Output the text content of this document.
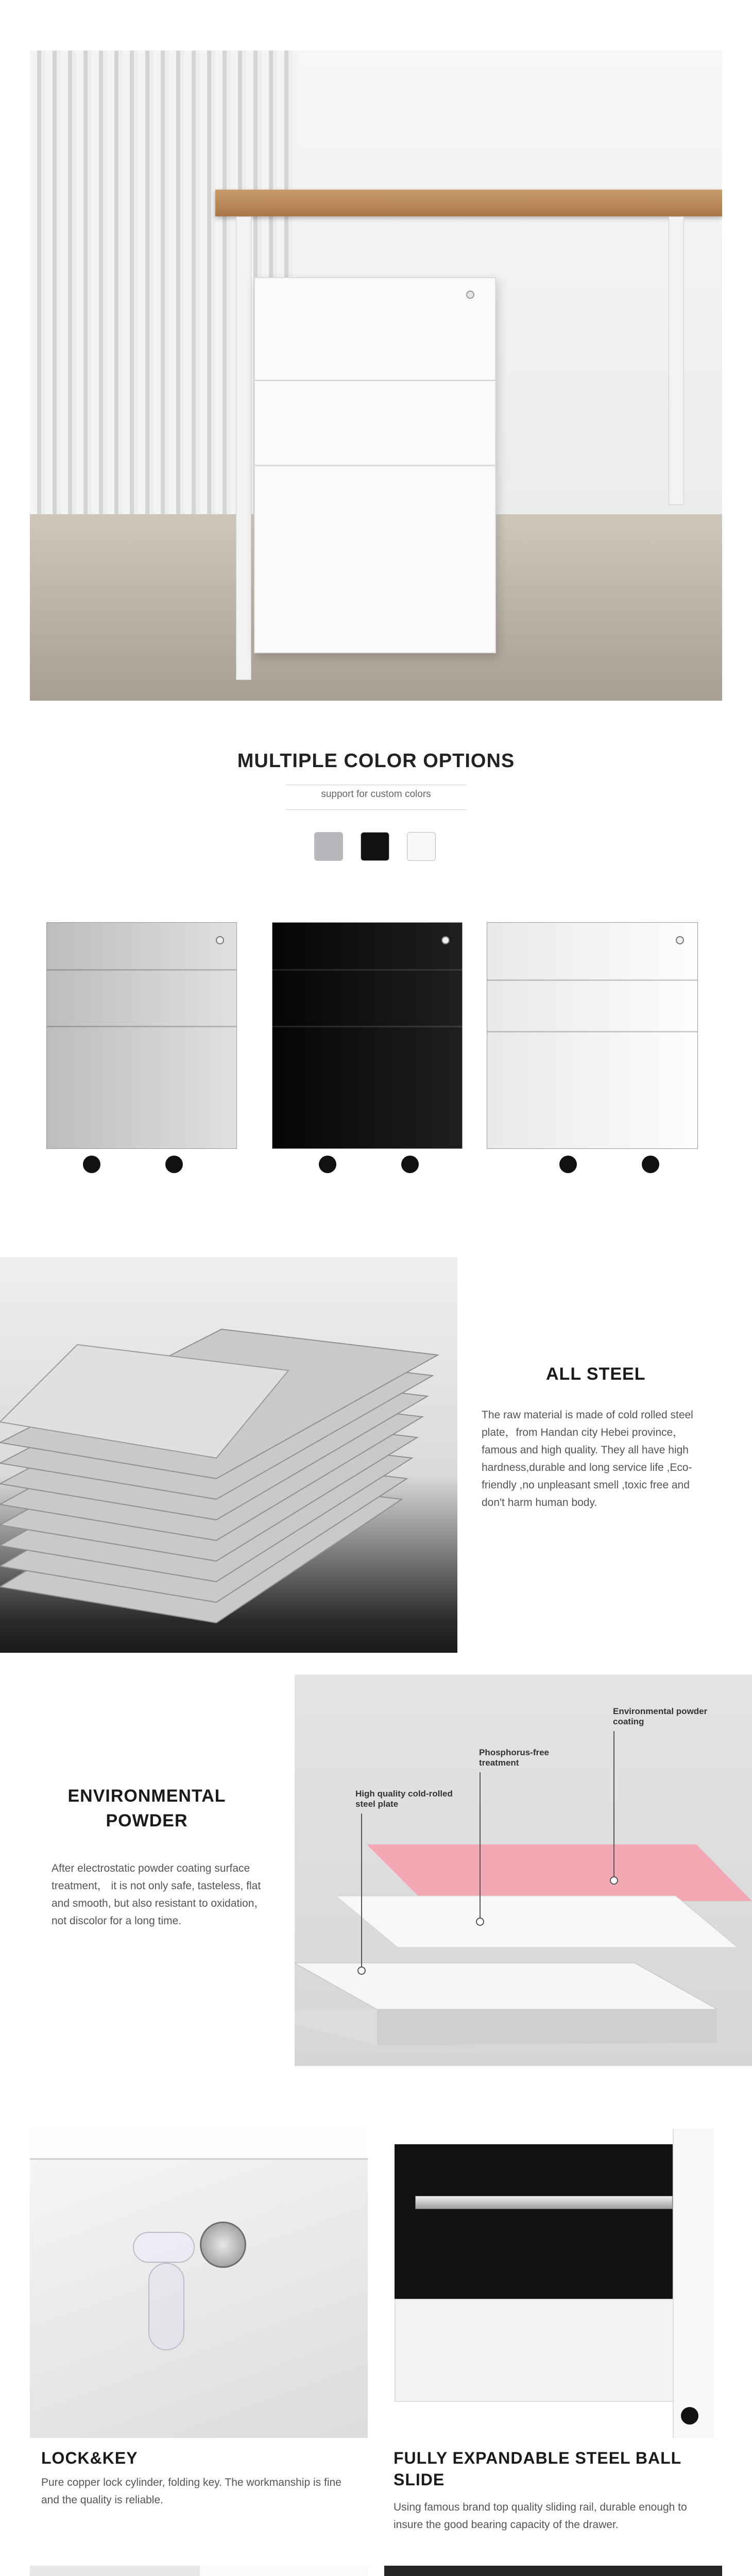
MULTIPLE COLOR OPTIONS
support for custom colors
ALL STEEL
The raw material is made of cold rolled steel plate，from Handan city Hebei province，famous and high quality. They all have high hardness,durable and long service life ,Eco-friendly ,no unpleasant smell ,toxic free and don't harm human body.
ENVIRONMENTAL
POWDER
After electrostatic powder coating surface treatment， it is not only safe, tasteless, flat and smooth, but also resistant to oxidation，not discolor for a long time.
Environmental powder coating
Phosphorus-free treatment
High quality cold-rolled steel plate
LOCK&KEY
Pure copper lock cylinder, folding key. The workmanship is fine and the quality is reliable.
FULLY EXPANDABLE STEEL BALL SLIDE
Using famous brand top quality sliding rail, durable enough to insure the good bearing capacity of the drawer.
